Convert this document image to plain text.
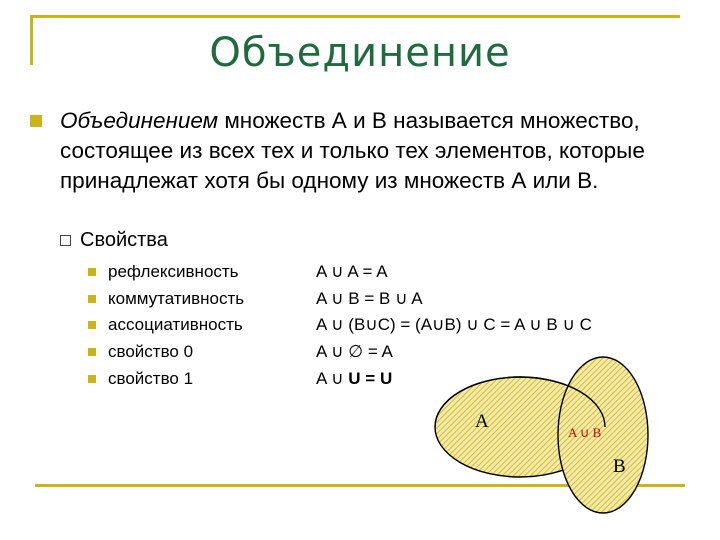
Объединение
Объединением множеств А и В называется множество, состоящее из всех тех и только тех элементов, которые принадлежат хотя бы одному из множеств А или В.
Свойства
рефлексивность	A ∪ A = A
коммутативность	A ∪ B = B ∪ A
ассоциативность	A ∪ (B∪C) = (A∪B) ∪ C = A ∪ B ∪ C
свойство 0	A ∪ ∅ = A
свойство 1	A ∪ U = U
A
B
A ∪ B
